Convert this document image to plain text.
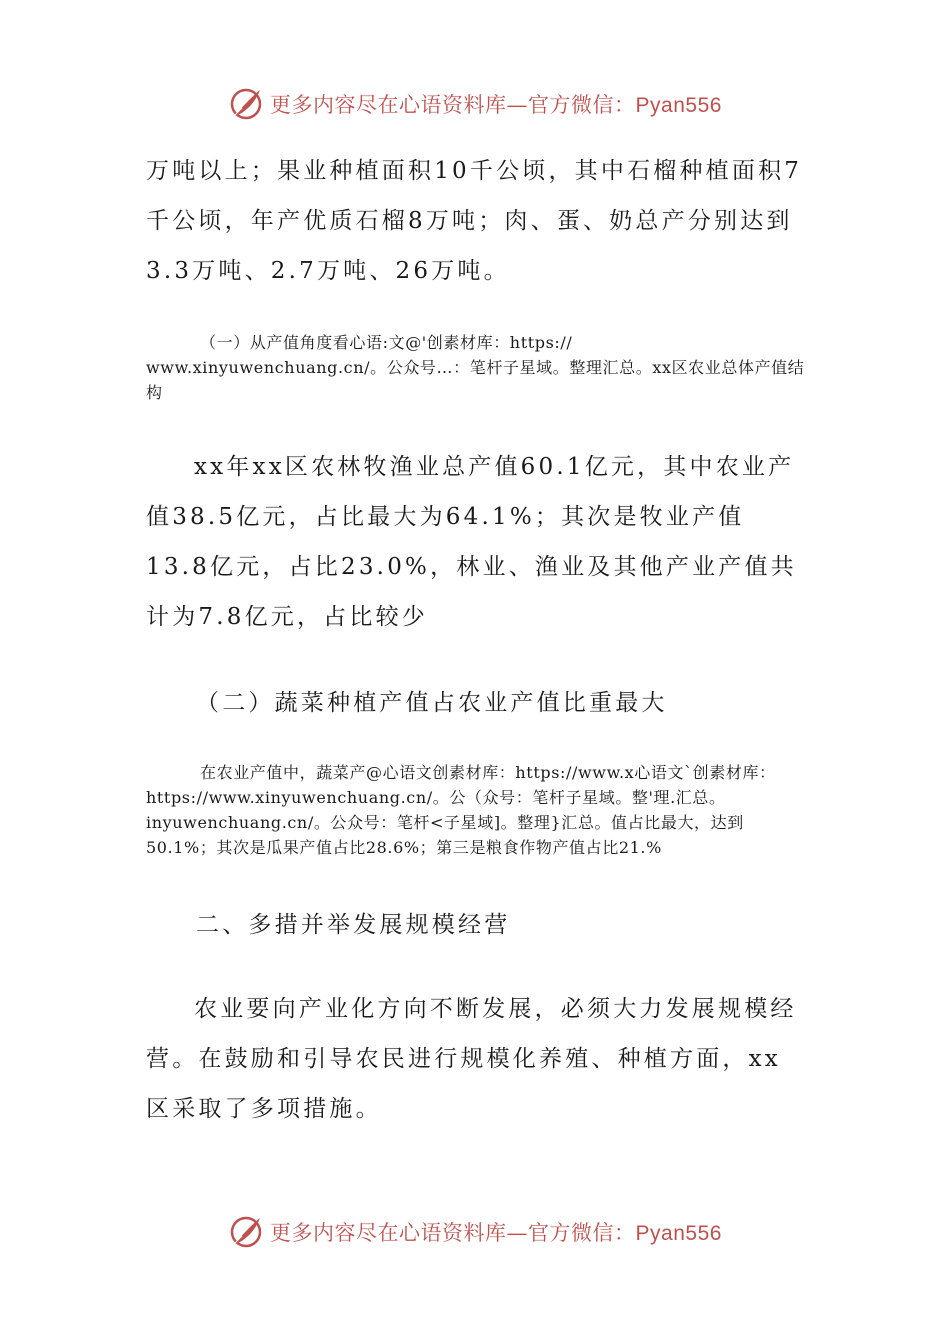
更多内容尽在心语资料库—官方微信：Pyan556

万吨以上；果业种植面积10千公顷，其中石榴种植面积7千公顷，年产优质石榴8万吨；肉、蛋、奶总产分别达到3.3万吨、2.7万吨、26万吨。

（一）从产值角度看心语:文@'创素材库：https:// www.xinyuwenchuang.cn/。公众号…：笔杆子星域。整理汇总。xx区农业总体产值结构

xx年xx区农林牧渔业总产值60.1亿元，其中农业产值38.5亿元，占比最大为64.1%；其次是牧业产值13.8亿元，占比23.0%，林业、渔业及其他产业产值共计为7.8亿元，占比较少

（二）蔬菜种植产值占农业产值比重最大

在农业产值中，蔬菜产@心语文创素材库：https://www.x心语文`创素材库：https://www.xinyuwenchuang.cn/。公（众号：笔杆子星域。整'理.汇总。inyuwenchuang.cn/。公众号：笔杆<子星域]。整理}汇总。值占比最大，达到50.1%；其次是瓜果产值占比28.6%；第三是粮食作物产值占比21.%

二、多措并举发展规模经营

农业要向产业化方向不断发展，必须大力发展规模经营。在鼓励和引导农民进行规模化养殖、种植方面，xx区采取了多项措施。

更多内容尽在心语资料库—官方微信：Pyan556
